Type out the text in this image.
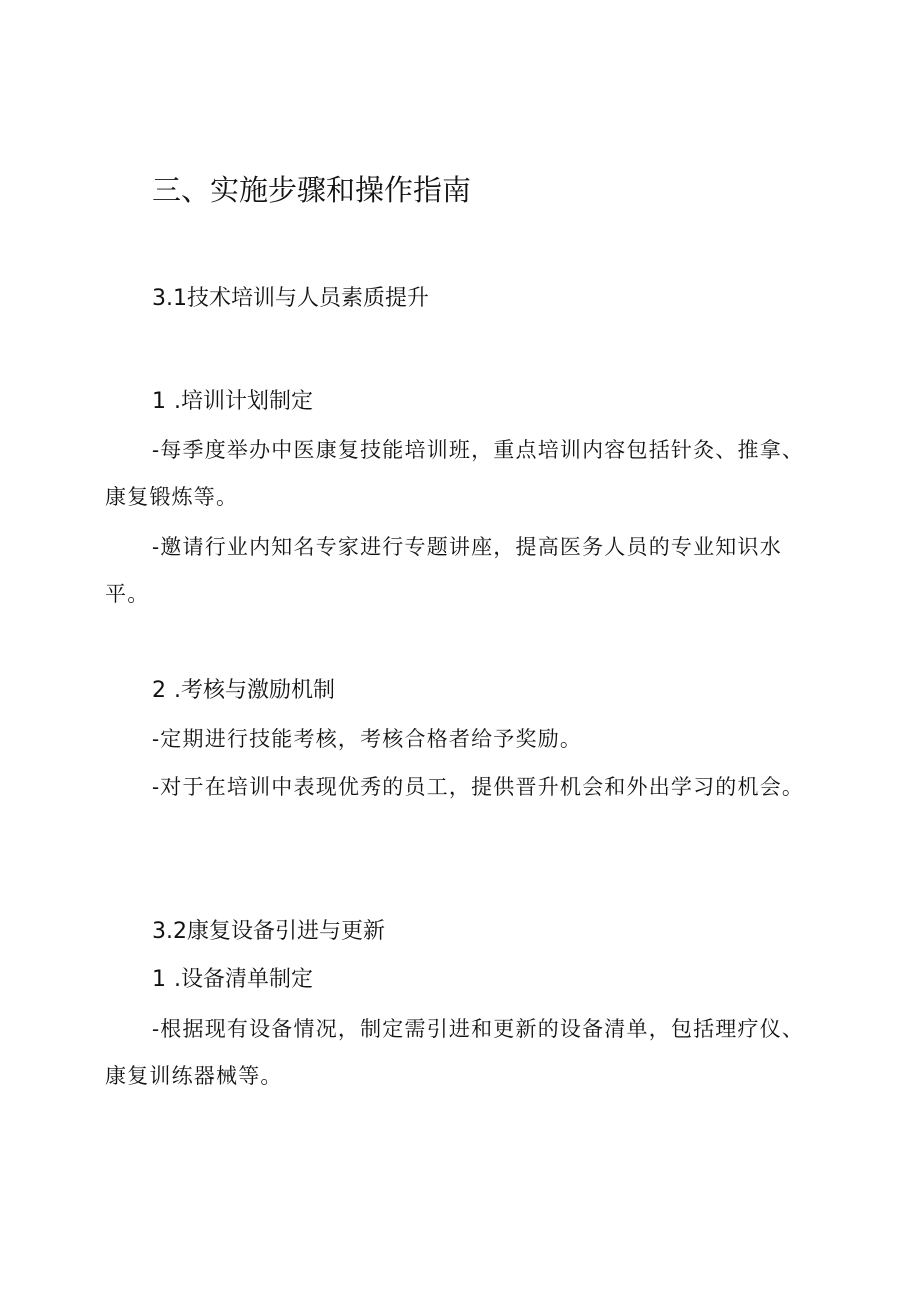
三、实施步骤和操作指南
3.1技术培训与人员素质提升
1 .培训计划制定

-每季度举办中医康复技能培训班，重点培训内容包括针灸、推拿、康复锻炼等。

-邀请行业内知名专家进行专题讲座，提高医务人员的专业知识水平。

2 .考核与激励机制

-定期进行技能考核，考核合格者给予奖励。

-对于在培训中表现优秀的员工，提供晋升机会和外出学习的机会。

3.2康复设备引进与更新
1 .设备清单制定

-根据现有设备情况，制定需引进和更新的设备清单，包括理疗仪、康复训练器械等。
